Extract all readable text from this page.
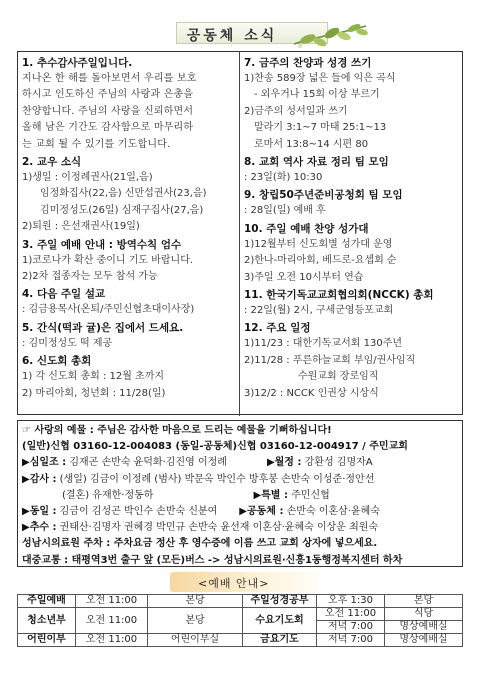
공동체 소식
1. 추수감사주일입니다.
지나온 한 해를 돌아보면서 우리를 보호
하시고 인도하신 주님의 사랑과 은총을
찬양합니다. 주님의 사랑을 신뢰하면서
올해 남은 기간도 감사함으로 마무리하
는 교회 될 수 있기를 기도합니다.
2. 교우 소식
1)생일 : 이정례권사(21일,음)
임정화집사(22,음) 신만섭권사(23,음)
김미정성도(26일) 심재구집사(27,음)
2)퇴원 : 은선재권사(19일)
3. 주일 예배 안내 : 방역수칙 엄수
1)코로나가 확산 중이니 기도 바랍니다.
2)2차 접종자는 모두 참석 가능
4. 다음 주일 설교
: 김금용목사(온퇴/주민신협초대이사장)
5. 간식(떡과 귤)은 집에서 드세요.
: 김미정성도 떡 제공
6. 신도회 총회
1) 각 신도회 총회 : 12월 초까지
2) 마리아회, 청년회 : 11/28(일)
7. 금주의 찬양과 성경 쓰기
1)찬송 589장 넓은 들에 익은 곡식
- 외우거나 15회 이상 부르기
2)금주의 성서일과 쓰기
말라기 3:1~7 마태 25:1~13
로마서 13:8~14 시편 80
8. 교회 역사 자료 정리 팀 모임
: 23일(화) 10:30
9. 창립50주년준비공청회 팀 모임
: 28일(일) 예배 후
10. 주일 예배 찬양 성가대
1)12월부터 신도회별 성가대 운영
2)한나-마리아회, 베드로-요셉회 순
3)주일 오전 10시부터 연습
11. 한국기독교교회협의회(NCCK) 총회
: 22일(월) 2시, 구세군영등포교회
12. 주요 일정
1)11/23 : 대한기독교서회 130주년
2)11/28 : 푸른하늘교회 부임/권사임직
수원교회 장로임직
3)12/2 : NCCK 인권상 시상식
☞ 사랑의 예물 : 주님은 감사한 마음으로 드리는 예물을 기뻐하십니다!
(일반)신협 03160-12-004083 (동일-공동체)신협 03160-12-004917 / 주민교회
▶심일조 : 김재곤 손반숙 윤덕화·김진영 이정례	▶월정 : 강환성 김명자A
▶감사 : (생일) 김금이 이정례 (범사) 박문옥 박인수 방후봉 손반숙 이성준·정안선
(결혼) 유재한·정동하	▶특별 : 주민신협
▶동일 : 김금이 김성곤 박인수 손반숙 신분여 ▶공동체 : 손반숙 이혼삼·윤혜숙
▶추수 : 권태산·김명자 권혜경 박민규 손반숙 윤선재 이혼삼·윤혜숙 이상운 최원숙
성남시의료원 주차 : 주차요금 정산 후 영수증에 이름 쓰고 교회 상자에 넣으세요.
대중교통 : 태평역3번 출구 앞 (모든)버스 -> 성남시의료원·신흥1동행정복지센터 하차
<예배 안내>
주일예배	오전 11:00	본당	주일성경공부	오후 1:30	본당
청소년부	오전 11:00	본당	수요기도회	오전 11:00	식당
				저녁 7:00	명상예배실
어린이부	오전 11:00	어린이부실	금요기도	저녁 7:00	명상예배실
